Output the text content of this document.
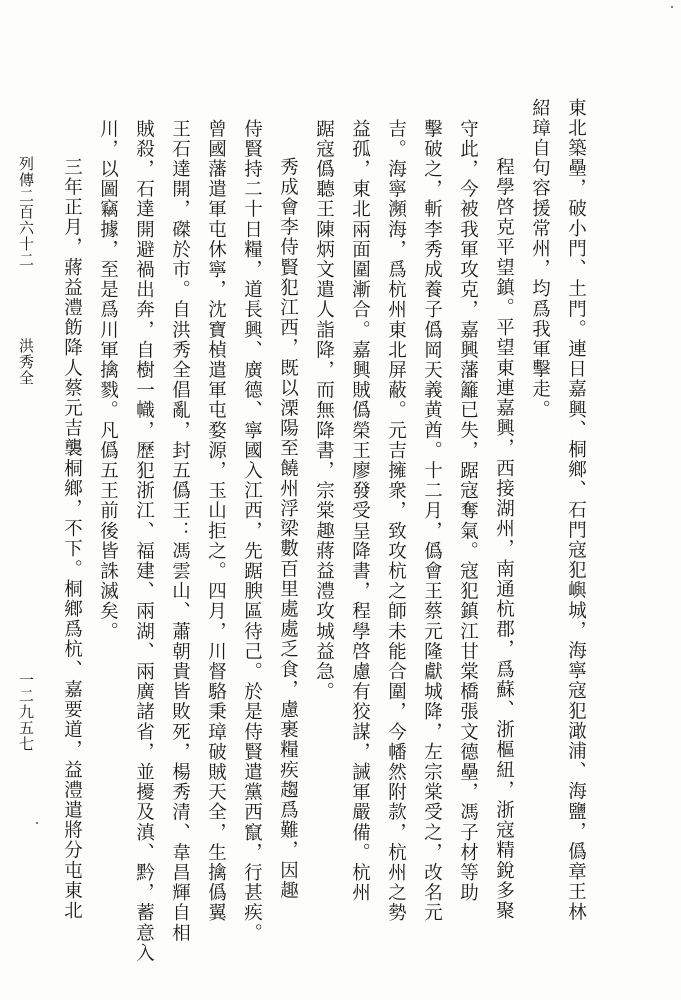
東北築壘，破小門、土門。連日嘉興、桐鄉、石門寇犯嶼城，海寧寇犯澉浦、海鹽，僞章王林

紹璋自句容援常州，均爲我軍擊走。

程學啓克平望鎮。平望東連嘉興，西接湖州，南通杭郡，爲蘇、浙樞紐，浙寇精銳多聚

守此，今被我軍攻克，嘉興藩籬已失，踞寇奪氣。寇犯鎮江甘棠橋張文德壘，馮子材等助

擊破之，斬李秀成養子僞岡天義黄酋。十二月，僞會王蔡元隆獻城降，左宗棠受之，改名元

吉。海寧瀕海，爲杭州東北屏蔽。元吉擁衆，致攻杭之師未能合圍，今幡然附款，杭州之勢

益孤，東北兩面圍漸合。嘉興賊僞榮王廖發受呈降書，程學啓慮有狡謀，誡軍嚴備。杭州

踞寇僞聽王陳炳文遣人詣降，而無降書，宗棠趣蔣益澧攻城益急。

秀成會李侍賢犯江西，既以溧陽至饒州浮梁數百里處處乏食，慮裹糧疾趨爲難，因趣

侍賢持二十日糧，道長興、廣德、寧國入江西，先踞腴區待己。於是侍賢遣黨西竄，行甚疾。

曾國藩遣軍屯休寧，沈寶楨遣軍屯婺源，玉山拒之。四月，川督駱秉璋破賊天全，生擒僞翼

王石達開，磔於市。自洪秀全倡亂，封五僞王：馮雲山、蕭朝貴皆敗死，楊秀清、韋昌輝自相

賊殺，石達開避禍出奔，自樹一幟，歷犯浙江、福建、兩湖、兩廣諸省，並擾及滇、黔，蓄意入

川，以圖竊據，至是爲川軍擒戮。凡僞五王前後皆誅滅矣。

三年正月，蔣益澧飭降人蔡元吉襲桐鄉，不下。桐鄉爲杭、嘉要道，益澧遣將分屯東北

列傳二百六十二

洪秀全

一二九五七
